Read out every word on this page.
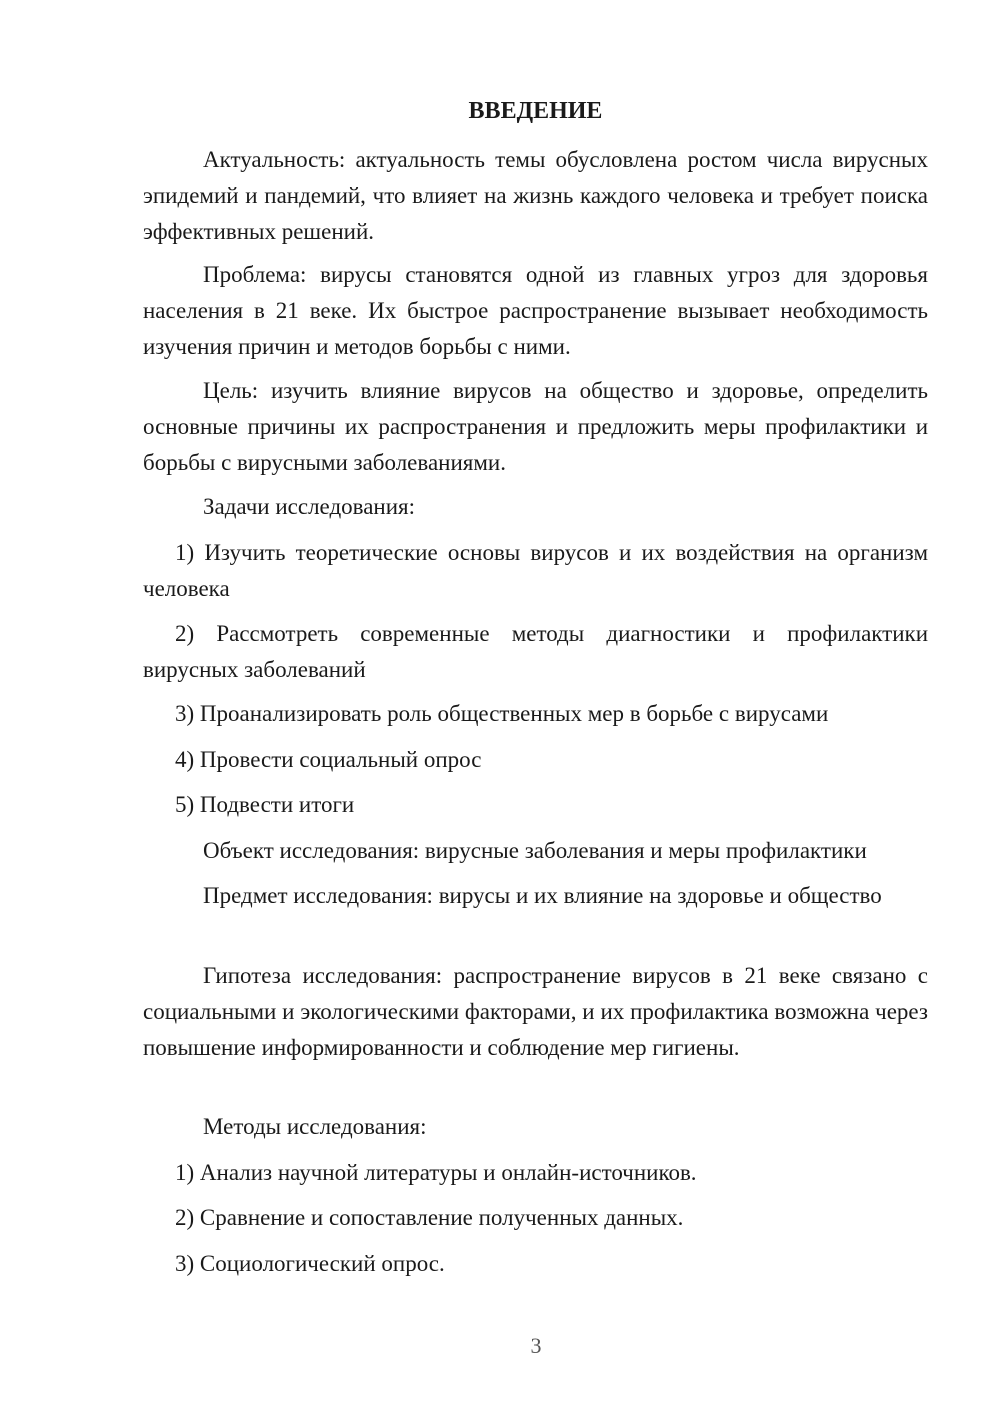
ВВЕДЕНИЕ

Актуальность: актуальность темы обусловлена ростом числа вирусных эпидемий и пандемий, что влияет на жизнь каждого человека и требует поиска эффективных решений.

Проблема: вирусы становятся одной из главных угроз для здоровья населения в 21 веке. Их быстрое распространение вызывает необходимость изучения причин и методов борьбы с ними.

Цель: изучить влияние вирусов на общество и здоровье, определить основные причины их распространения и предложить меры профилактики и борьбы с вирусными заболеваниями.

Задачи исследования:

1) Изучить теоретические основы вирусов и их воздействия на организм человека

2) Рассмотреть современные методы диагностики и профилактики вирусных заболеваний

3) Проанализировать роль общественных мер в борьбе с вирусами

4) Провести социальный опрос

5) Подвести итоги

Объект исследования: вирусные заболевания и меры профилактики

Предмет исследования: вирусы и их влияние на здоровье и общество

Гипотеза исследования: распространение вирусов в 21 веке связано с социальными и экологическими факторами, и их профилактика возможна через повышение информированности и соблюдение мер гигиены.

Методы исследования:

1) Анализ научной литературы и онлайн-источников.

2) Сравнение и сопоставление полученных данных.

3) Социологический опрос.

3
